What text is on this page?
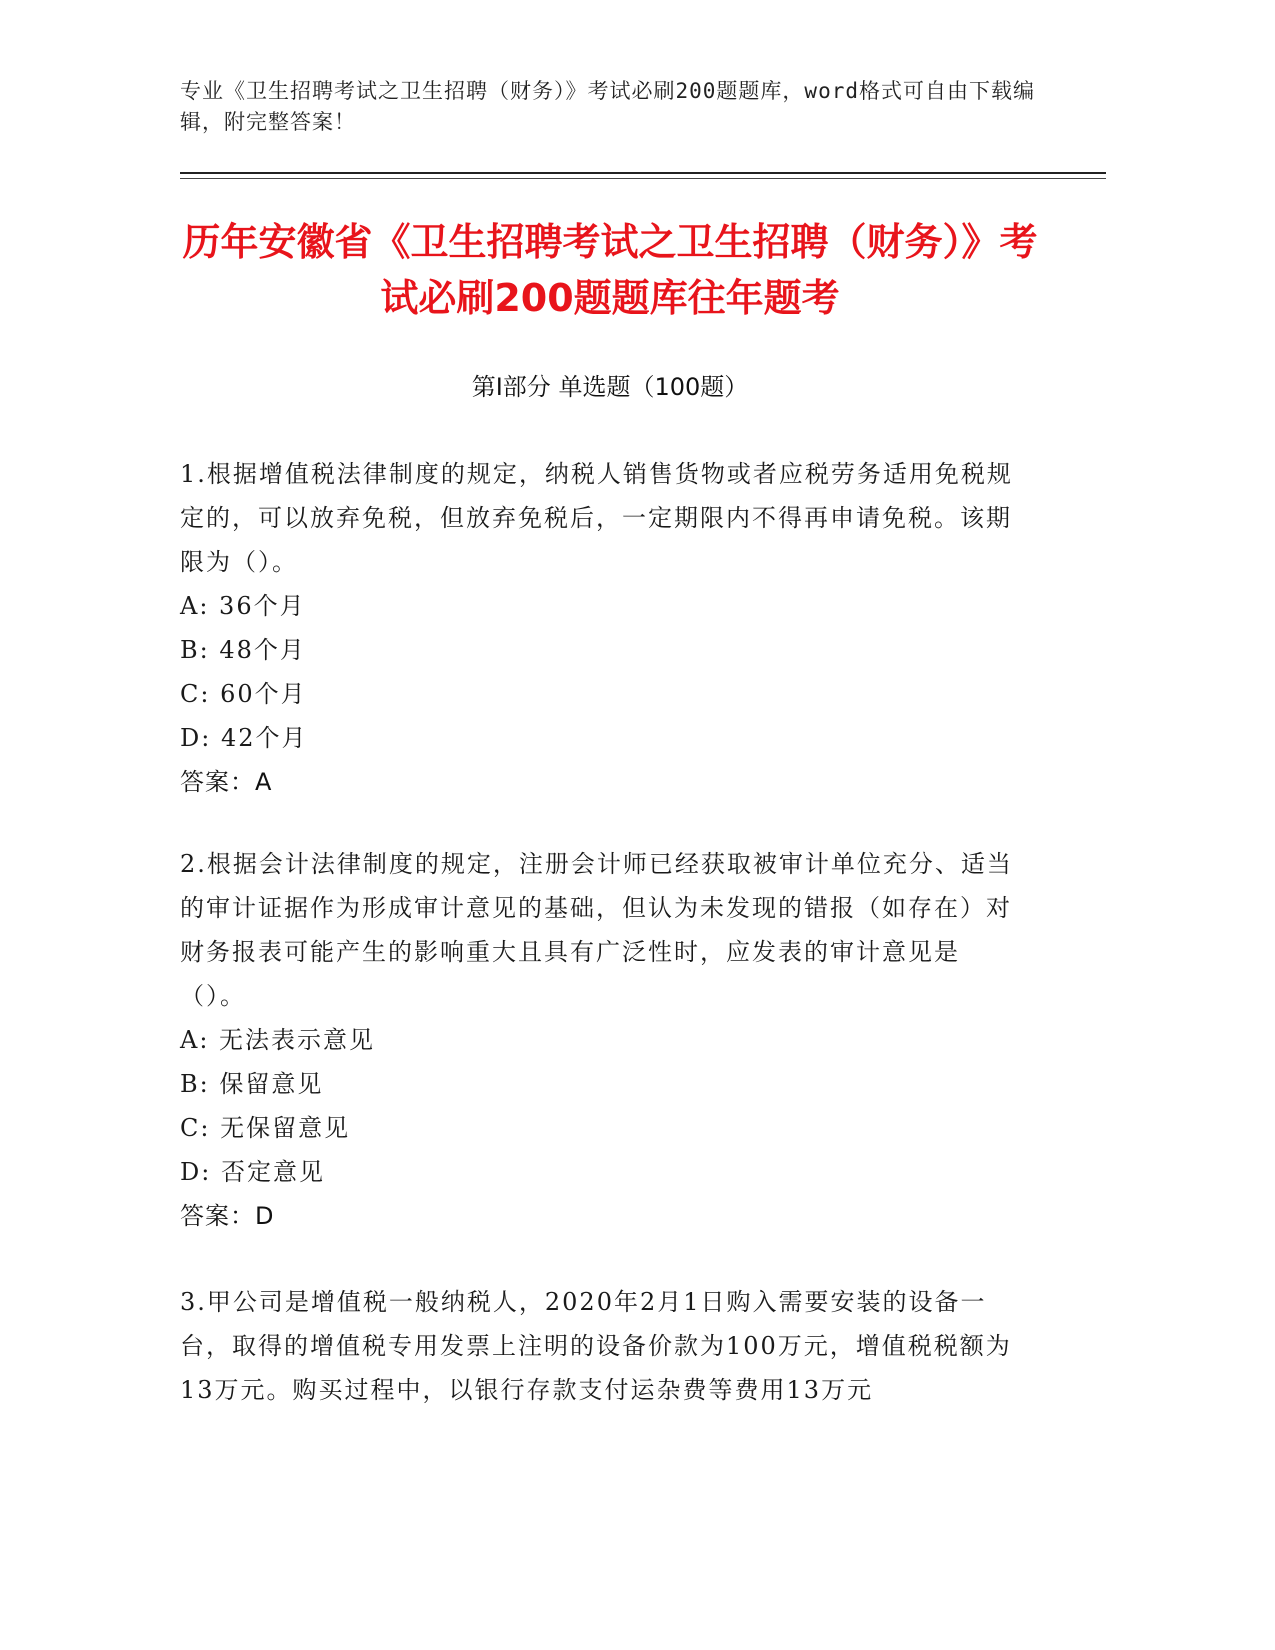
专业《卫生招聘考试之卫生招聘（财务）》考试必刷200题题库，word格式可自由下载编辑，附完整答案！
历年安徽省《卫生招聘考试之卫生招聘（财务）》考试必刷200题题库往年题考
第I部分 单选题（100题）

1.根据增值税法律制度的规定，纳税人销售货物或者应税劳务适用免税规定的，可以放弃免税，但放弃免税后，一定期限内不得再申请免税。该期限为（）。

A: 36个月

B: 48个月

C: 60个月

D: 42个月

答案：A

2.根据会计法律制度的规定，注册会计师已经获取被审计单位充分、适当的审计证据作为形成审计意见的基础，但认为未发现的错报（如存在）对财务报表可能产生的影响重大且具有广泛性时，应发表的审计意见是（）。

A: 无法表示意见

B: 保留意见

C: 无保留意见

D: 否定意见

答案：D

3.甲公司是增值税一般纳税人，2020年2月1日购入需要安装的设备一台，取得的增值税专用发票上注明的设备价款为100万元，增值税税额为13万元。购买过程中，以银行存款支付运杂费等费用13万元
